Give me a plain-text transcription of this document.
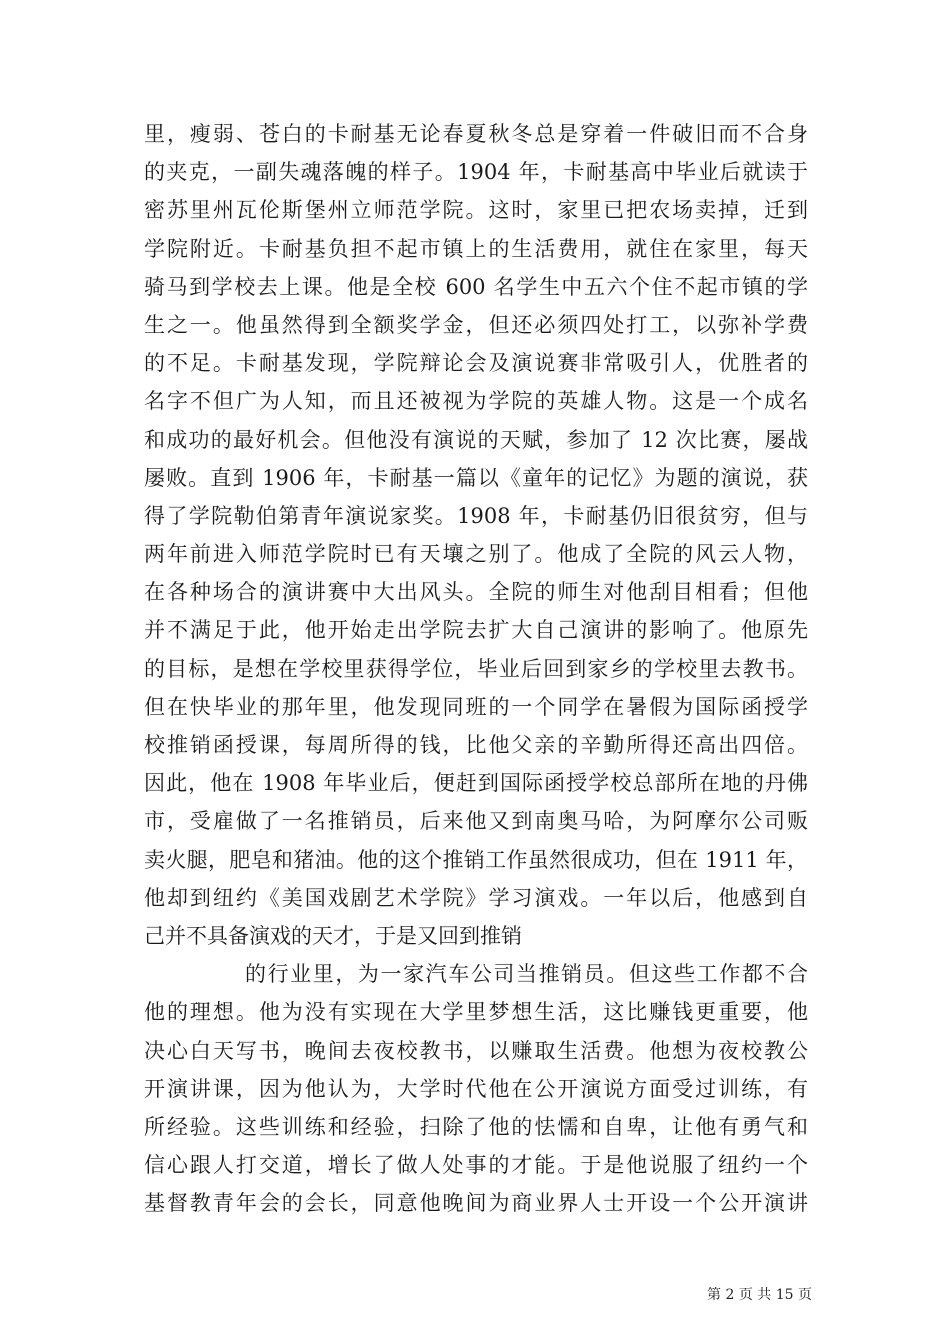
里，瘦弱、苍白的卡耐基无论春夏秋冬总是穿着一件破旧而不合身
的夹克，一副失魂落魄的样子。1904 年，卡耐基高中毕业后就读于
密苏里州瓦伦斯堡州立师范学院。这时，家里已把农场卖掉，迁到
学院附近。卡耐基负担不起市镇上的生活费用，就住在家里，每天
骑马到学校去上课。他是全校 600 名学生中五六个住不起市镇的学
生之一。他虽然得到全额奖学金，但还必须四处打工，以弥补学费
的不足。卡耐基发现，学院辩论会及演说赛非常吸引人，优胜者的
名字不但广为人知，而且还被视为学院的英雄人物。这是一个成名
和成功的最好机会。但他没有演说的天赋，参加了 12 次比赛，屡战
屡败。直到 1906 年，卡耐基一篇以《童年的记忆》为题的演说，获
得了学院勒伯第青年演说家奖。1908 年，卡耐基仍旧很贫穷，但与
两年前进入师范学院时已有天壤之别了。他成了全院的风云人物，
在各种场合的演讲赛中大出风头。全院的师生对他刮目相看；但他
并不满足于此，他开始走出学院去扩大自己演讲的影响了。他原先
的目标，是想在学校里获得学位，毕业后回到家乡的学校里去教书。
但在快毕业的那年里，他发现同班的一个同学在暑假为国际函授学
校推销函授课，每周所得的钱，比他父亲的辛勤所得还高出四倍。
因此，他在 1908 年毕业后，便赶到国际函授学校总部所在地的丹佛
市，受雇做了一名推销员，后来他又到南奥马哈，为阿摩尔公司贩
卖火腿，肥皂和猪油。他的这个推销工作虽然很成功，但在 1911 年，
他却到纽约《美国戏剧艺术学院》学习演戏。一年以后，他感到自
己并不具备演戏的天才，于是又回到推销
的行业里，为一家汽车公司当推销员。但这些工作都不合
他的理想。他为没有实现在大学里梦想生活，这比赚钱更重要，他
决心白天写书，晚间去夜校教书，以赚取生活费。他想为夜校教公
开演讲课，因为他认为，大学时代他在公开演说方面受过训练，有
所经验。这些训练和经验，扫除了他的怯懦和自卑，让他有勇气和
信心跟人打交道，增长了做人处事的才能。于是他说服了纽约一个
基督教青年会的会长，同意他晚间为商业界人士开设一个公开演讲
第 2 页 共 15 页
